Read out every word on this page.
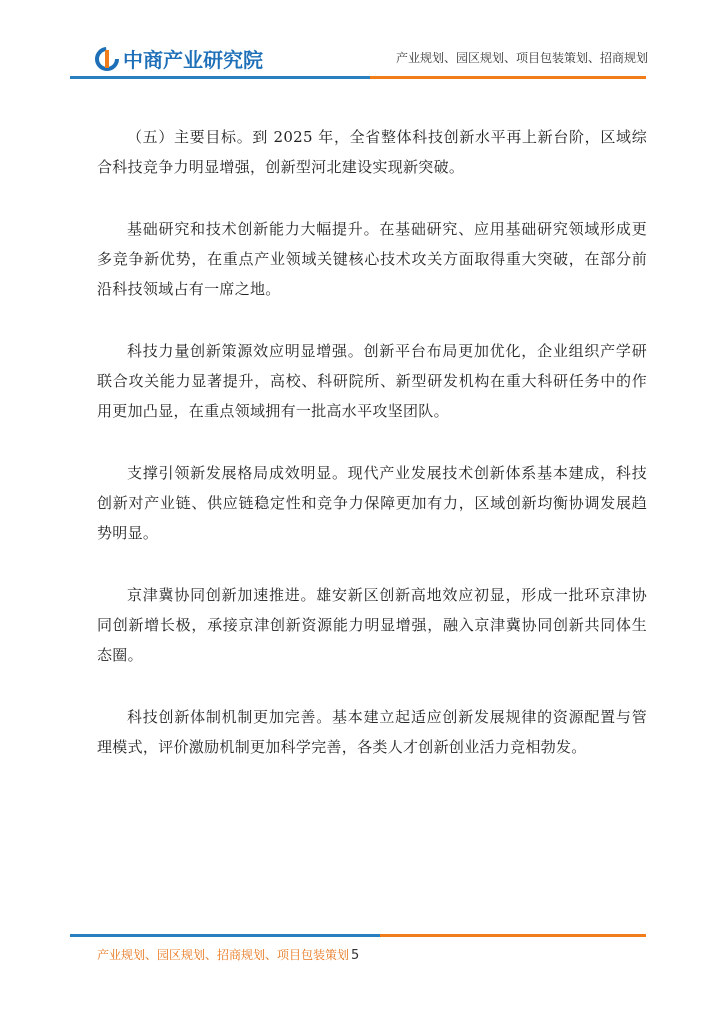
中商产业研究院	产业规划、园区规划、项目包装策划、招商规划

（五）主要目标。到 2025 年，全省整体科技创新水平再上新台阶，区域综合科技竞争力明显增强，创新型河北建设实现新突破。

基础研究和技术创新能力大幅提升。在基础研究、应用基础研究领域形成更多竞争新优势，在重点产业领域关键核心技术攻关方面取得重大突破，在部分前沿科技领域占有一席之地。

科技力量创新策源效应明显增强。创新平台布局更加优化，企业组织产学研联合攻关能力显著提升，高校、科研院所、新型研发机构在重大科研任务中的作用更加凸显，在重点领域拥有一批高水平攻坚团队。

支撑引领新发展格局成效明显。现代产业发展技术创新体系基本建成，科技创新对产业链、供应链稳定性和竞争力保障更加有力，区域创新均衡协调发展趋势明显。

京津冀协同创新加速推进。雄安新区创新高地效应初显，形成一批环京津协同创新增长极，承接京津创新资源能力明显增强，融入京津冀协同创新共同体生态圈。

科技创新体制机制更加完善。基本建立起适应创新发展规律的资源配置与管理模式，评价激励机制更加科学完善，各类人才创新创业活力竞相勃发。

产业规划、园区规划、招商规划、项目包装策划 5
